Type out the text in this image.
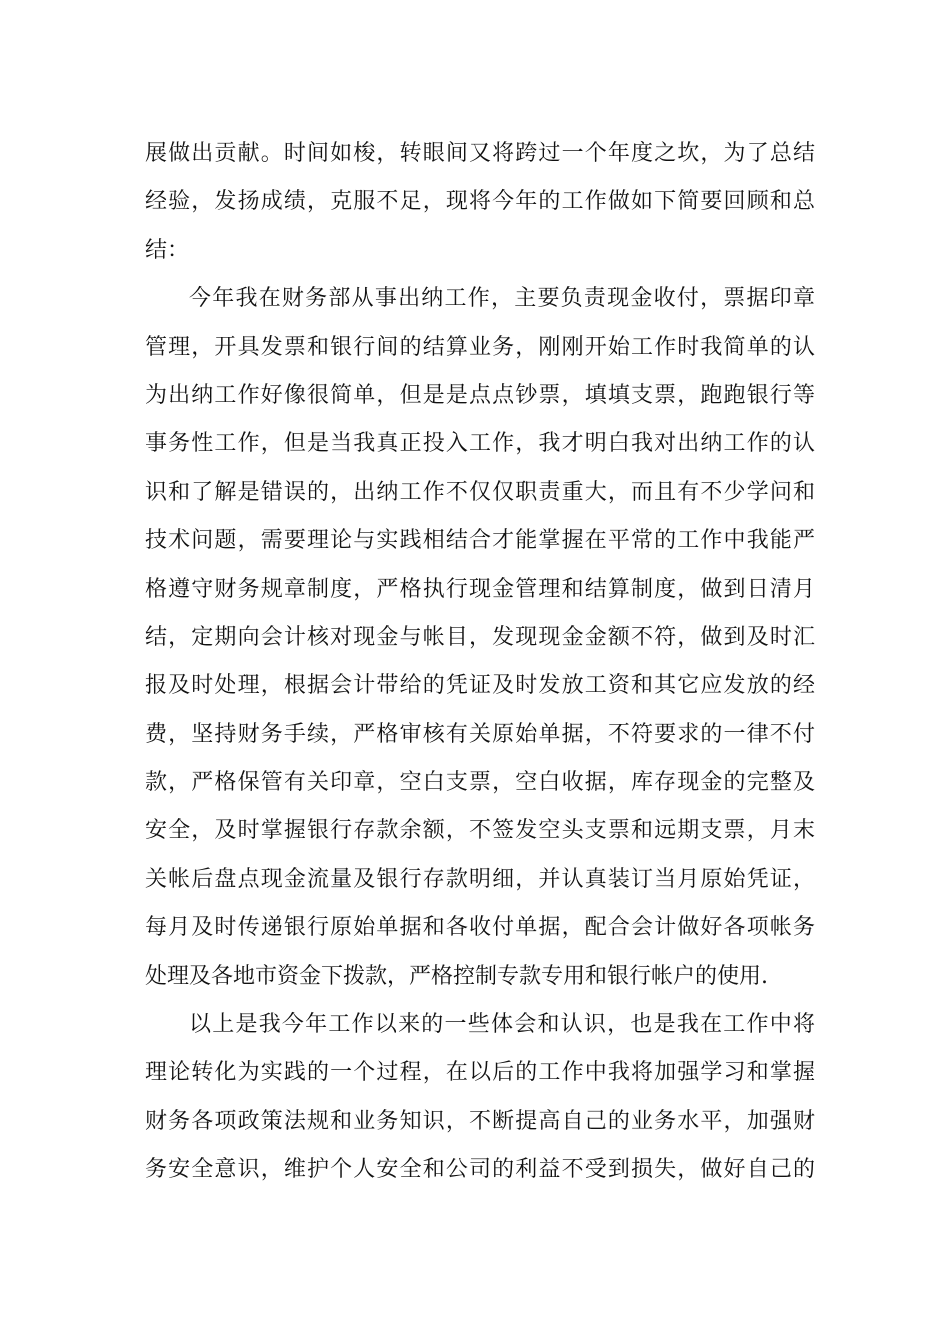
展做出贡献。时间如梭，转眼间又将跨过一个年度之坎，为了总结
经验，发扬成绩，克服不足，现将今年的工作做如下简要回顾和总
结：
今年我在财务部从事出纳工作，主要负责现金收付，票据印章
管理，开具发票和银行间的结算业务，刚刚开始工作时我简单的认
为出纳工作好像很简单，但是是点点钞票，填填支票，跑跑银行等
事务性工作，但是当我真正投入工作，我才明白我对出纳工作的认
识和了解是错误的，出纳工作不仅仅职责重大，而且有不少学问和
技术问题，需要理论与实践相结合才能掌握在平常的工作中我能严
格遵守财务规章制度，严格执行现金管理和结算制度，做到日清月
结，定期向会计核对现金与帐目，发现现金金额不符，做到及时汇
报及时处理，根据会计带给的凭证及时发放工资和其它应发放的经
费，坚持财务手续，严格审核有关原始单据，不符要求的一律不付
款，严格保管有关印章，空白支票，空白收据，库存现金的完整及
安全，及时掌握银行存款余额，不签发空头支票和远期支票，月末
关帐后盘点现金流量及银行存款明细，并认真装订当月原始凭证，
每月及时传递银行原始单据和各收付单据，配合会计做好各项帐务
处理及各地市资金下拨款，严格控制专款专用和银行帐户的使用.
以上是我今年工作以来的一些体会和认识，也是我在工作中将
理论转化为实践的一个过程，在以后的工作中我将加强学习和掌握
财务各项政策法规和业务知识，不断提高自己的业务水平，加强财
务安全意识，维护个人安全和公司的利益不受到损失，做好自己的
